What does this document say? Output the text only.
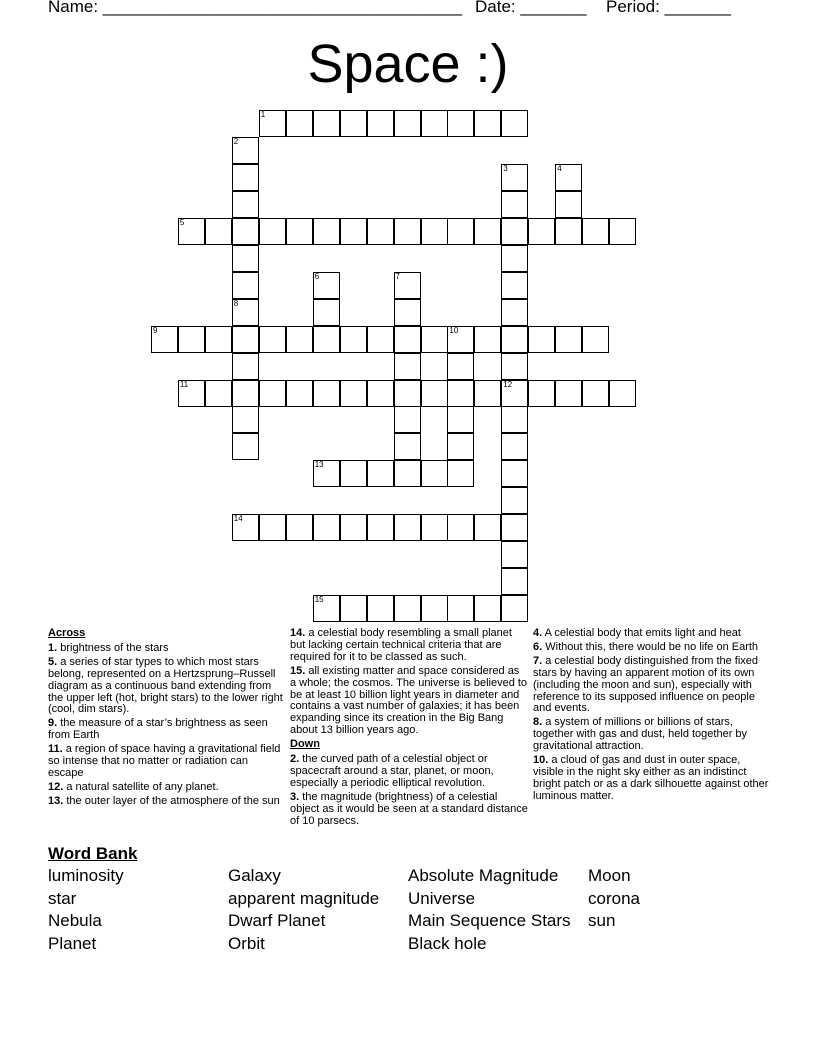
Name: ______________________________________ Date: _______ Period: _______
Space :)
1
2
3	4
5
6	7
8
9	10
11	12
13
14
15

Across

1. brightness of the stars

5. a series of star types to which most stars belong, represented on a Hertzsprung–Russell diagram as a continuous band extending from the upper left (hot, bright stars) to the lower right (cool, dim stars).

9. the measure of a star’s brightness as seen from Earth

11. a region of space having a gravitational field so intense that no matter or radiation can escape

12. a natural satellite of any planet.

13. the outer layer of the atmosphere of the sun

14. a celestial body resembling a small planet but lacking certain technical criteria that are required for it to be classed as such.

15. all existing matter and space considered as a whole; the cosmos. The universe is believed to be at least 10 billion light years in diameter and contains a vast number of galaxies; it has been expanding since its creation in the Big Bang about 13 billion years ago.

Down

2. the curved path of a celestial object or spacecraft around a star, planet, or moon, especially a periodic elliptical revolution.

3. the magnitude (brightness) of a celestial object as it would be seen at a standard distance of 10 parsecs.

4. A celestial body that emits light and heat

6. Without this, there would be no life on Earth

7. a celestial body distinguished from the fixed stars by having an apparent motion of its own (including the moon and sun), especially with reference to its supposed influence on people and events.

8. a system of millions or billions of stars, together with gas and dust, held together by gravitational attraction.

10. a cloud of gas and dust in outer space, visible in the night sky either as an indistinct bright patch or as a dark silhouette against other luminous matter.

Word Bank
luminosity
star
Nebula
Planet
Galaxy
apparent magnitude
Dwarf Planet
Orbit
Absolute Magnitude
Universe
Main Sequence Stars
Black hole
Moon
corona
sun
